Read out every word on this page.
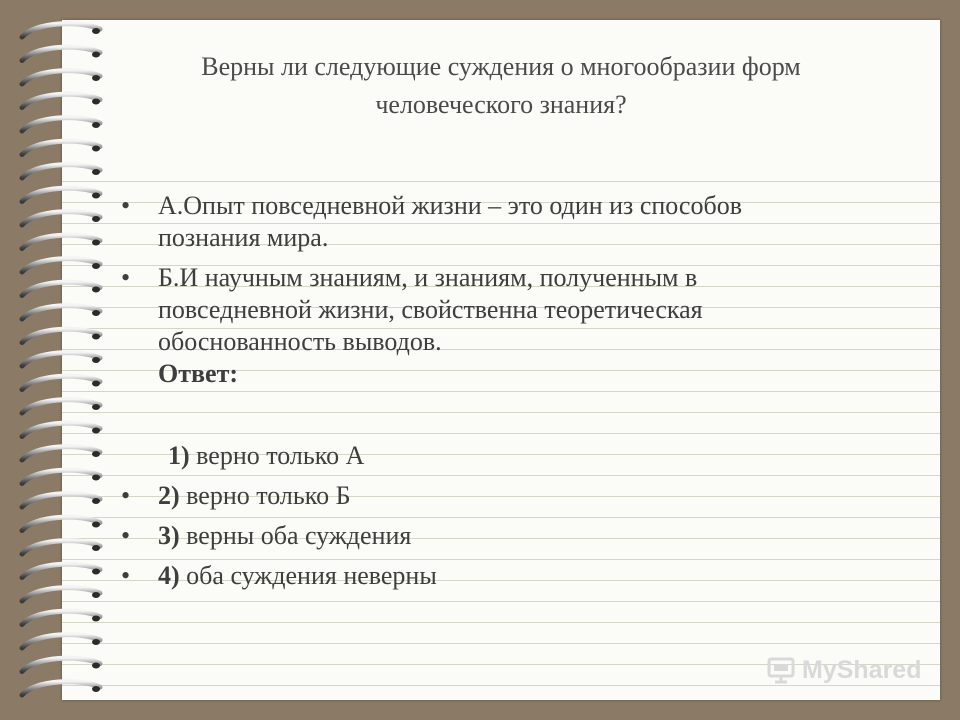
Верны ли следующие суждения о многообразии форм
человеческого знания?
• А.Опыт повседневной жизни – это один из способов
познания мира.
• Б.И научным знаниям, и знаниям, полученным в
повседневной жизни, свойственна теоретическая
обоснованность выводов.
Ответ:
1) верно только А
• 2) верно только Б
• 3) верны оба суждения
• 4) оба суждения неверны
MyShared
